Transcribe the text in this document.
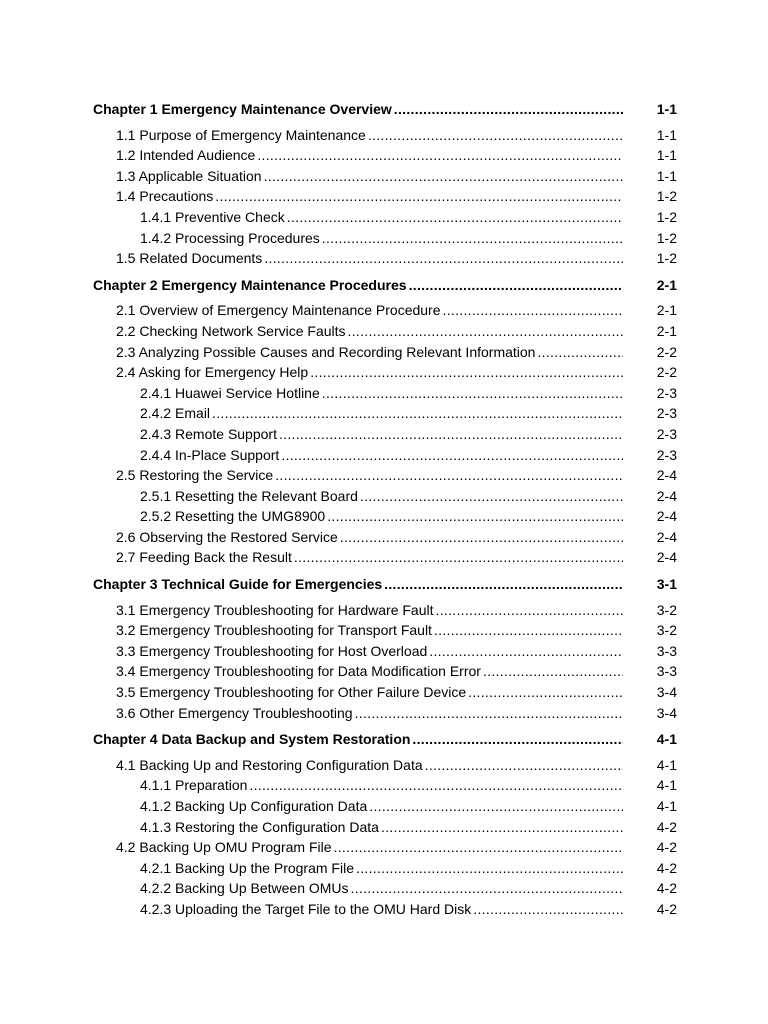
Chapter 1 Emergency Maintenance Overview .....	1-1
1.1 Purpose of Emergency Maintenance .....	1-1
1.2 Intended Audience .....	1-1
1.3 Applicable Situation .....	1-1
1.4 Precautions .....	1-2
1.4.1 Preventive Check .....	1-2
1.4.2 Processing Procedures .....	1-2
1.5 Related Documents .....	1-2
Chapter 2 Emergency Maintenance Procedures .....	2-1
2.1 Overview of Emergency Maintenance Procedure .....	2-1
2.2 Checking Network Service Faults .....	2-1
2.3 Analyzing Possible Causes and Recording Relevant Information .....	2-2
2.4 Asking for Emergency Help .....	2-2
2.4.1 Huawei Service Hotline .....	2-3
2.4.2 Email .....	2-3
2.4.3 Remote Support .....	2-3
2.4.4 In-Place Support .....	2-3
2.5 Restoring the Service .....	2-4
2.5.1 Resetting the Relevant Board .....	2-4
2.5.2 Resetting the UMG8900 .....	2-4
2.6 Observing the Restored Service .....	2-4
2.7 Feeding Back the Result .....	2-4
Chapter 3 Technical Guide for Emergencies .....	3-1
3.1 Emergency Troubleshooting for Hardware Fault .....	3-2
3.2 Emergency Troubleshooting for Transport Fault .....	3-2
3.3 Emergency Troubleshooting for Host Overload .....	3-3
3.4 Emergency Troubleshooting for Data Modification Error .....	3-3
3.5 Emergency Troubleshooting for Other Failure Device .....	3-4
3.6 Other Emergency Troubleshooting .....	3-4
Chapter 4 Data Backup and System Restoration .....	4-1
4.1 Backing Up and Restoring Configuration Data .....	4-1
4.1.1 Preparation .....	4-1
4.1.2 Backing Up Configuration Data .....	4-1
4.1.3 Restoring the Configuration Data .....	4-2
4.2 Backing Up OMU Program File .....	4-2
4.2.1 Backing Up the Program File .....	4-2
4.2.2 Backing Up Between OMUs .....	4-2
4.2.3 Uploading the Target File to the OMU Hard Disk .....	4-2
